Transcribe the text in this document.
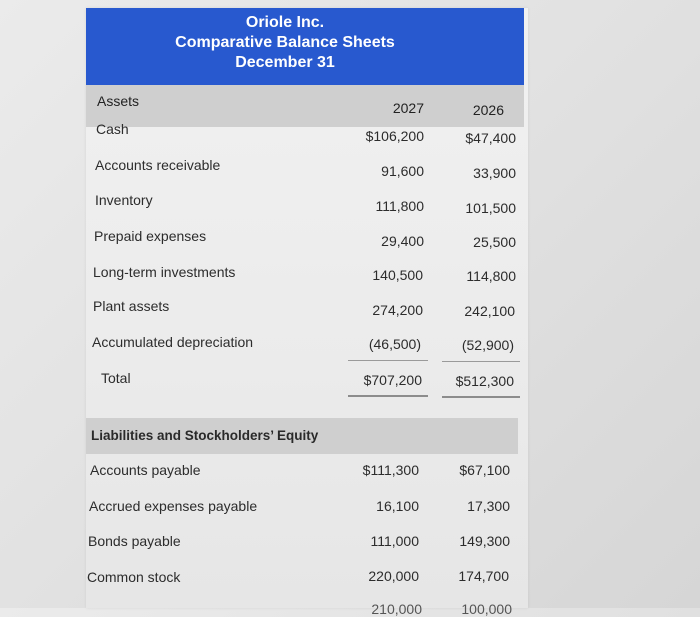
Oriole Inc.
Comparative Balance Sheets
December 31
Assets	2027	2026
Cash	$106,200	$47,400
Accounts receivable	91,600	33,900
Inventory	111,800	101,500
Prepaid expenses	29,400	25,500
Long-term investments	140,500	114,800
Plant assets	274,200	242,100
Accumulated depreciation	(46,500)	(52,900)
Total	$707,200	$512,300
Liabilities and Stockholders’ Equity
Accounts payable	$111,300	$67,100
Accrued expenses payable	16,100	17,300
Bonds payable	111,000	149,300
Common stock	220,000	174,700
210,000	100,000
